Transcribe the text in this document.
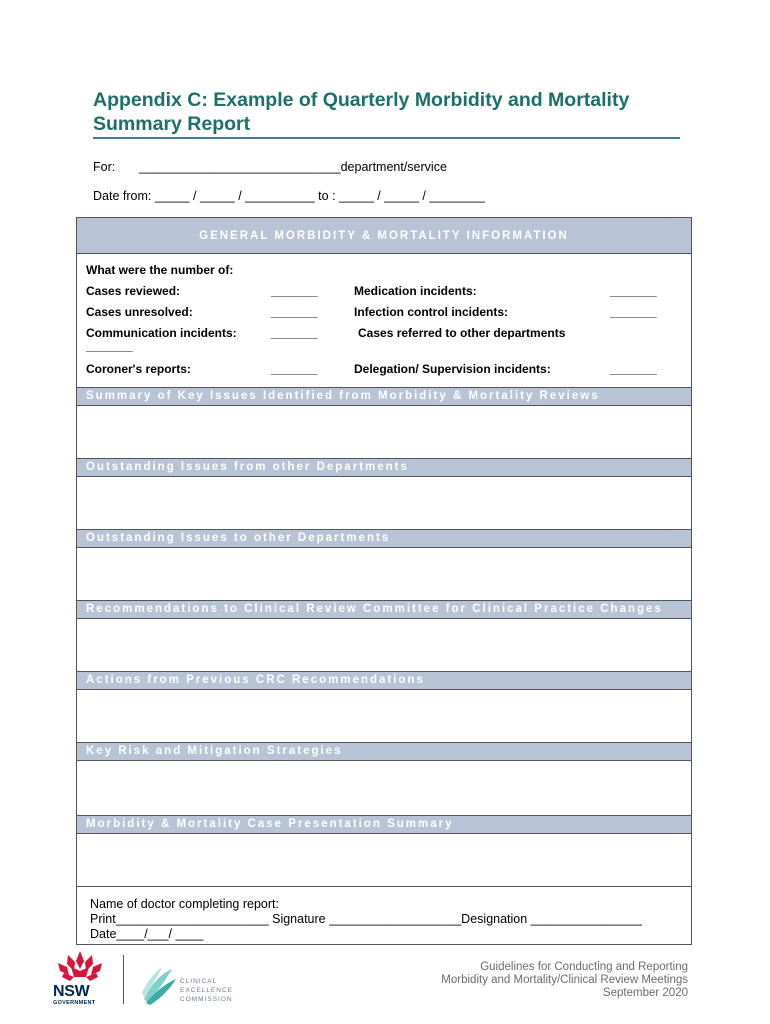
Appendix C: Example of Quarterly Morbidity and Mortality
Summary Report
For: _____________________________department/service
Date from: _____ / _____ / __________ to : _____ / _____ / ________
GENERAL MORBIDITY & MORTALITY INFORMATION
What were the number of:
Cases reviewed:	_______	Medication incidents:	_______
Cases unresolved:	_______	Infection control incidents:	_______
Communication incidents:	_______	Cases referred to other departments
_______
Coroner's reports:	_______	Delegation/ Supervision incidents:	_______
Summary of Key Issues Identified from Morbidity & Mortality Reviews
Outstanding Issues from other Departments
Outstanding Issues to other Departments
Recommendations to Clinical Review Committee for Clinical Practice Changes
Actions from Previous CRC Recommendations
Key Risk and Mitigation Strategies
Morbidity & Mortality Case Presentation Summary
Name of doctor completing report:
Print______________________ Signature ___________________Designation ________________
Date____/___/ ____
NSW
GOVERNMENT
CLINICAL
EXCELLENCE
COMMISSION
Guidelines for Conducting and Reporting
Morbidity and Mortality/Clinical Review Meetings
September 2020
